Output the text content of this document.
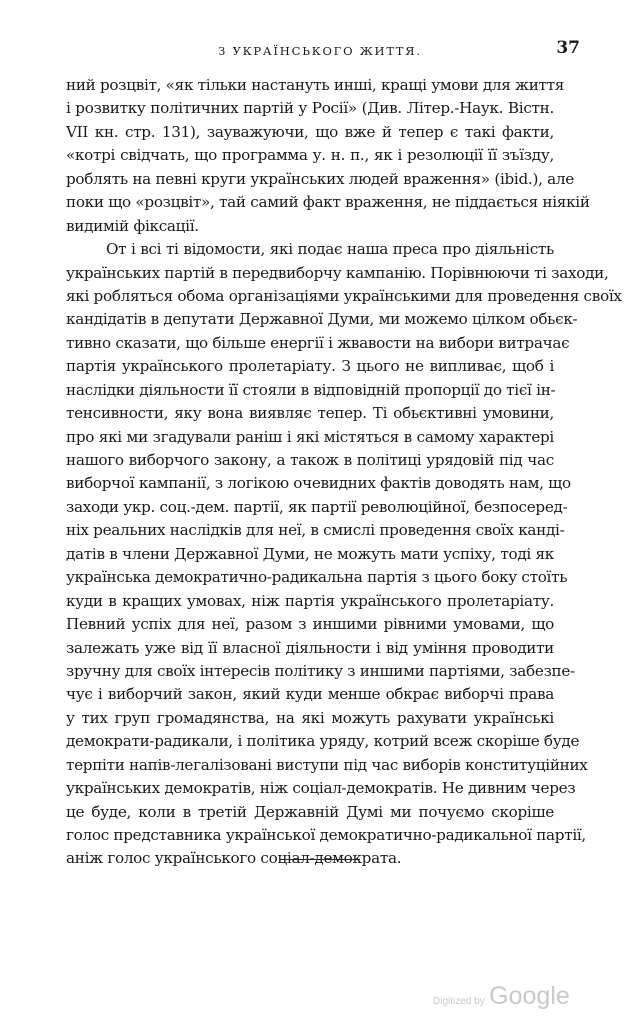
З УКРАЇНСЬКОГО ЖИТТЯ.	37
ний розцвіт, «як тільки настануть инші, кращі умови для життя
і розвитку політичних партій у Росії» (Див. Літер.-Наук. Вістн.
VII кн. стр. 131), зауважуючи, що вже й тепер є такі факти,
«котрі свідчать, що программа у. н. п., як і резолюції її зъїзду,
роблять на певні круги українських людей враження» (ibid.), але
поки що «розцвіт», тай самий факт враження, не піддається ніякій
видимій фіксації.
От і всі ті відомости, які подає наша преса про діяльність
українських партій в передвиборчу кампанію. Порівнюючи ті заходи,
які робляться обома організаціями українськими для проведення своїх
кандідатів в депутати Державної Думи, ми можемо цілком обьєк-
тивно сказати, що більше енергії і жвавости на вибори витрачає
партія українського пролетаріату. З цього не випливає, щоб і
наслідки діяльности її стояли в відповідній пропорції до тієї ін-
тенсивности, яку вона виявляє тепер. Ті обьєктивні умовини,
про які ми згадували раніш і які містяться в самому характері
нашого виборчого закону, а також в політиці урядовій під час
виборчої кампанії, з логікою очевидних фактів доводять нам, що
заходи укр. соц.-дем. партії, як партії революційної, безпосеред-
ніх реальних наслідків для неї, в смислі проведення своїх канді-
датів в члени Державної Думи, не можуть мати успіху, тоді як
українська демократично-радикальна партія з цього боку стоїть
куди в кращих умовах, ніж партія українського пролетаріату.
Певний успіх для неї, разом з иншими рівними умовами, що
залежать уже від її власної діяльности і від уміння проводити
зручну для своїх інтересів політику з иншими партіями, забезпе-
чує і виборчий закон, який куди менше обкрає виборчі права
у тих груп громадянства, на які можуть рахувати українські
демократи-радикали, і політика уряду, котрий всеж скоріше буде
терпіти напів-легалізовані виступи під час виборів конституційних
українських демократів, ніж соціал-демократів. Не дивним через
це буде, коли в третій Державній Думі ми почуємо скоріше
голос представника української демократично-радикальної партії,
аніж голос українського соціал-демократа.
Digitized by Google
